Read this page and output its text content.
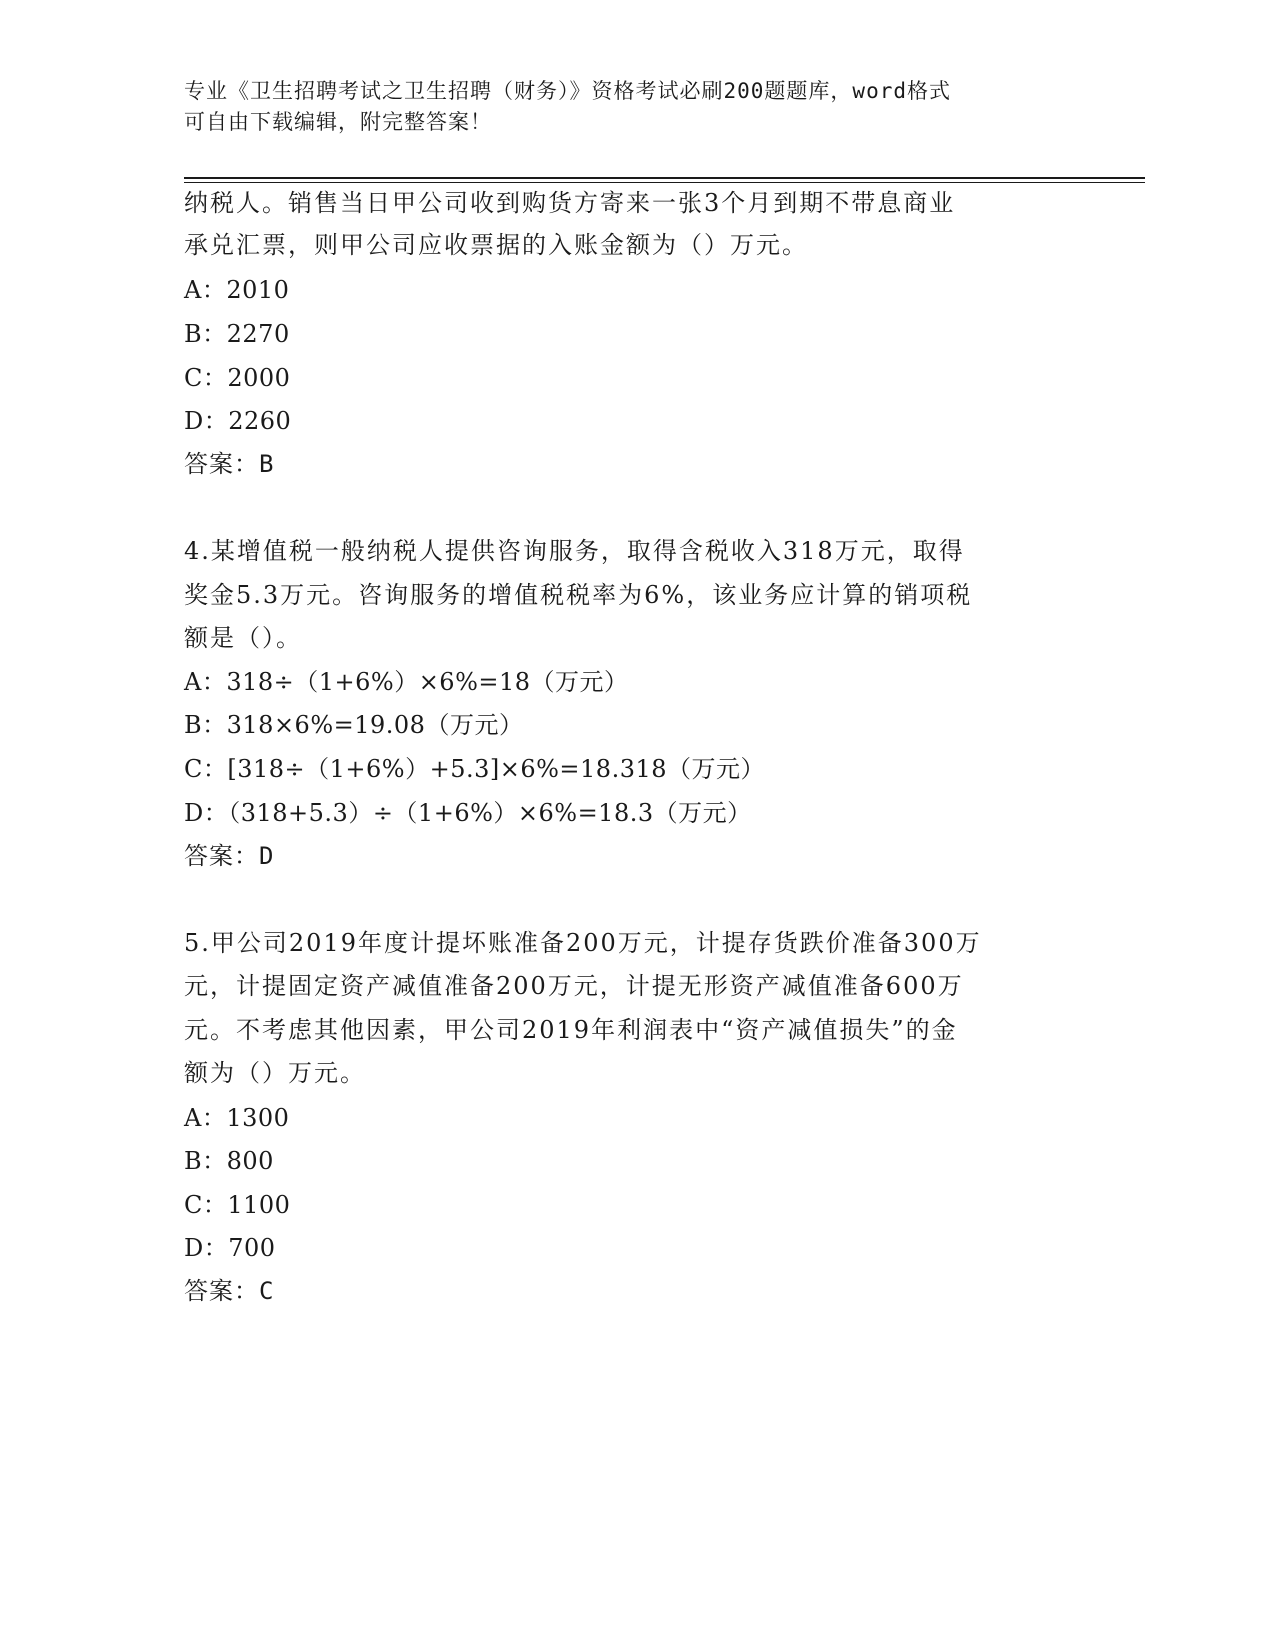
专业《卫生招聘考试之卫生招聘（财务）》资格考试必刷200题题库，word格式
可自由下载编辑，附完整答案！
纳税人。销售当日甲公司收到购货方寄来一张3个月到期不带息商业
承兑汇票，则甲公司应收票据的入账金额为（）万元。
A：2010
B：2270
C：2000
D：2260
答案：B
4.某增值税一般纳税人提供咨询服务，取得含税收入318万元，取得
奖金5.3万元。咨询服务的增值税税率为6%，该业务应计算的销项税
额是（）。
A：318÷（1+6%）×6%=18（万元）
B：318×6%=19.08（万元）
C：[318÷（1+6%）+5.3]×6%=18.318（万元）
D：（318+5.3）÷（1+6%）×6%=18.3（万元）
答案：D
5.甲公司2019年度计提坏账准备200万元，计提存货跌价准备300万
元，计提固定资产减值准备200万元，计提无形资产减值准备600万
元。不考虑其他因素，甲公司2019年利润表中“资产减值损失”的金
额为（）万元。
A：1300
B：800
C：1100
D：700
答案：C
